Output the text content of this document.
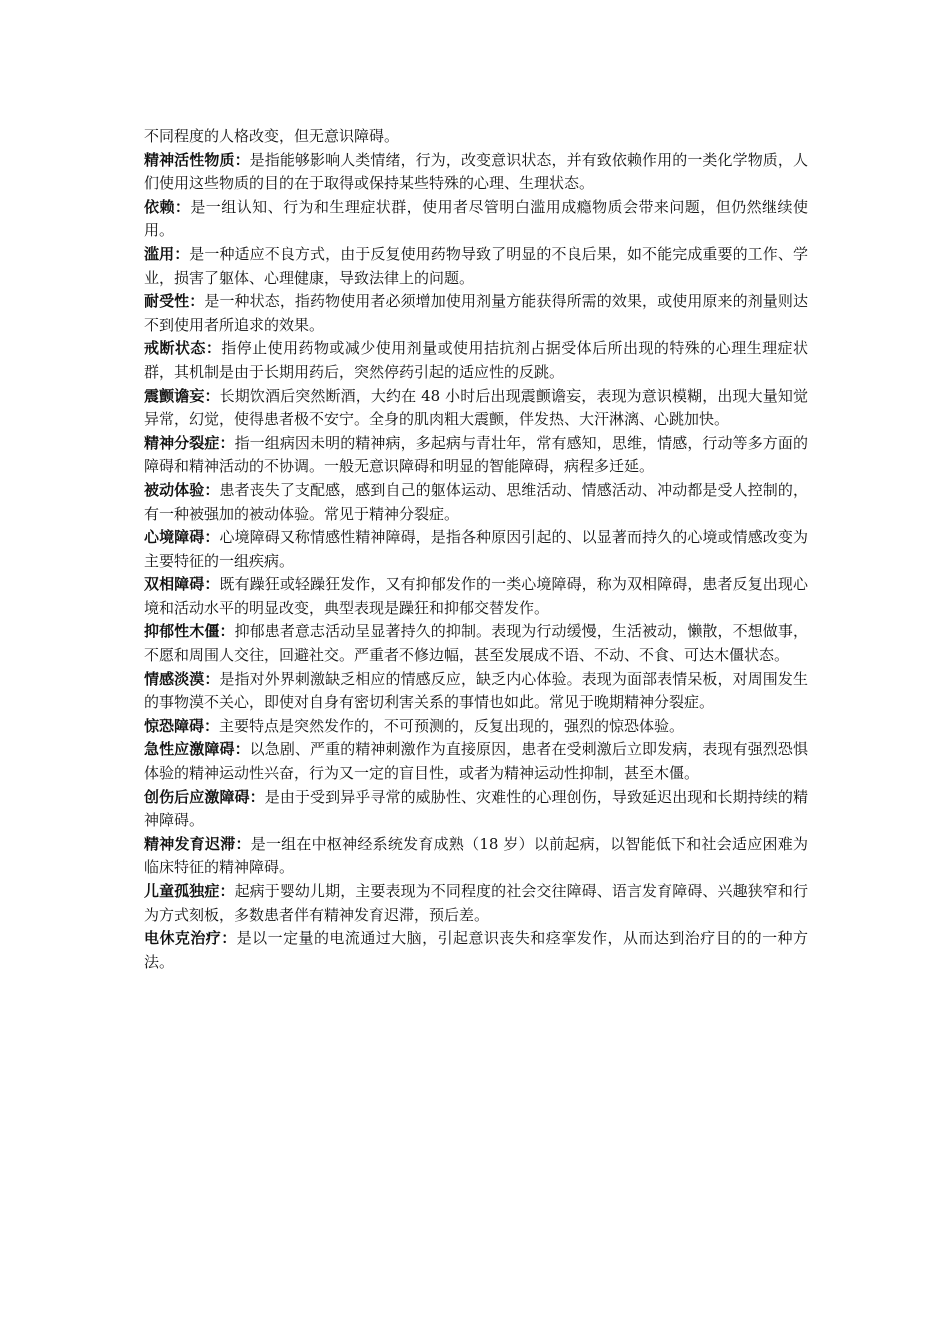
不同程度的人格改变，但无意识障碍。

精神活性物质：是指能够影响人类情绪，行为，改变意识状态，并有致依赖作用的一类化学物质，人们使用这些物质的目的在于取得或保持某些特殊的心理、生理状态。

依赖：是一组认知、行为和生理症状群，使用者尽管明白滥用成瘾物质会带来问题，但仍然继续使用。

滥用：是一种适应不良方式，由于反复使用药物导致了明显的不良后果，如不能完成重要的工作、学业，损害了躯体、心理健康，导致法律上的问题。

耐受性：是一种状态，指药物使用者必须增加使用剂量方能获得所需的效果，或使用原来的剂量则达不到使用者所追求的效果。

戒断状态：指停止使用药物或减少使用剂量或使用拮抗剂占据受体后所出现的特殊的心理生理症状群，其机制是由于长期用药后，突然停药引起的适应性的反跳。

震颤谵妄：长期饮酒后突然断酒，大约在 48 小时后出现震颤谵妄，表现为意识模糊，出现大量知觉异常，幻觉，使得患者极不安宁。全身的肌肉粗大震颤，伴发热、大汗淋漓、心跳加快。

精神分裂症：指一组病因未明的精神病，多起病与青壮年，常有感知，思维，情感，行动等多方面的障碍和精神活动的不协调。一般无意识障碍和明显的智能障碍，病程多迁延。

被动体验：患者丧失了支配感，感到自己的躯体运动、思维活动、情感活动、冲动都是受人控制的，有一种被强加的被动体验。常见于精神分裂症。

心境障碍：心境障碍又称情感性精神障碍，是指各种原因引起的、以显著而持久的心境或情感改变为主要特征的一组疾病。

双相障碍：既有躁狂或轻躁狂发作，又有抑郁发作的一类心境障碍，称为双相障碍，患者反复出现心境和活动水平的明显改变，典型表现是躁狂和抑郁交替发作。

抑郁性木僵：抑郁患者意志活动呈显著持久的抑制。表现为行动缓慢，生活被动，懒散，不想做事，不愿和周围人交往，回避社交。严重者不修边幅，甚至发展成不语、不动、不食、可达木僵状态。

情感淡漠：是指对外界刺激缺乏相应的情感反应，缺乏内心体验。表现为面部表情呆板，对周围发生的事物漠不关心，即使对自身有密切利害关系的事情也如此。常见于晚期精神分裂症。

惊恐障碍：主要特点是突然发作的，不可预测的，反复出现的，强烈的惊恐体验。

急性应激障碍：以急剧、严重的精神刺激作为直接原因，患者在受刺激后立即发病，表现有强烈恐惧体验的精神运动性兴奋，行为又一定的盲目性，或者为精神运动性抑制，甚至木僵。

创伤后应激障碍：是由于受到异乎寻常的威胁性、灾难性的心理创伤，导致延迟出现和长期持续的精神障碍。

精神发育迟滞：是一组在中枢神经系统发育成熟（18 岁）以前起病，以智能低下和社会适应困难为临床特征的精神障碍。

儿童孤独症：起病于婴幼儿期，主要表现为不同程度的社会交往障碍、语言发育障碍、兴趣狭窄和行为方式刻板，多数患者伴有精神发育迟滞，预后差。

电休克治疗：是以一定量的电流通过大脑，引起意识丧失和痉挛发作，从而达到治疗目的的一种方法。
